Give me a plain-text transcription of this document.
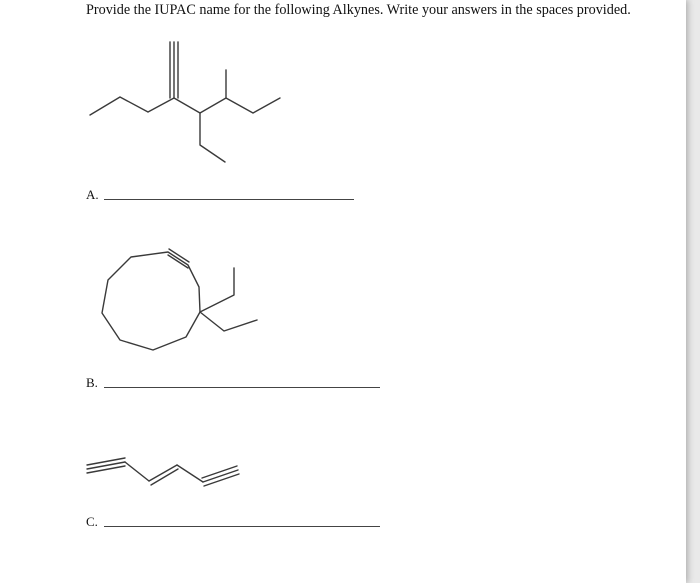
Provide the IUPAC name for the following Alkynes. Write your answers in the spaces provided.
A.
B.
C.
